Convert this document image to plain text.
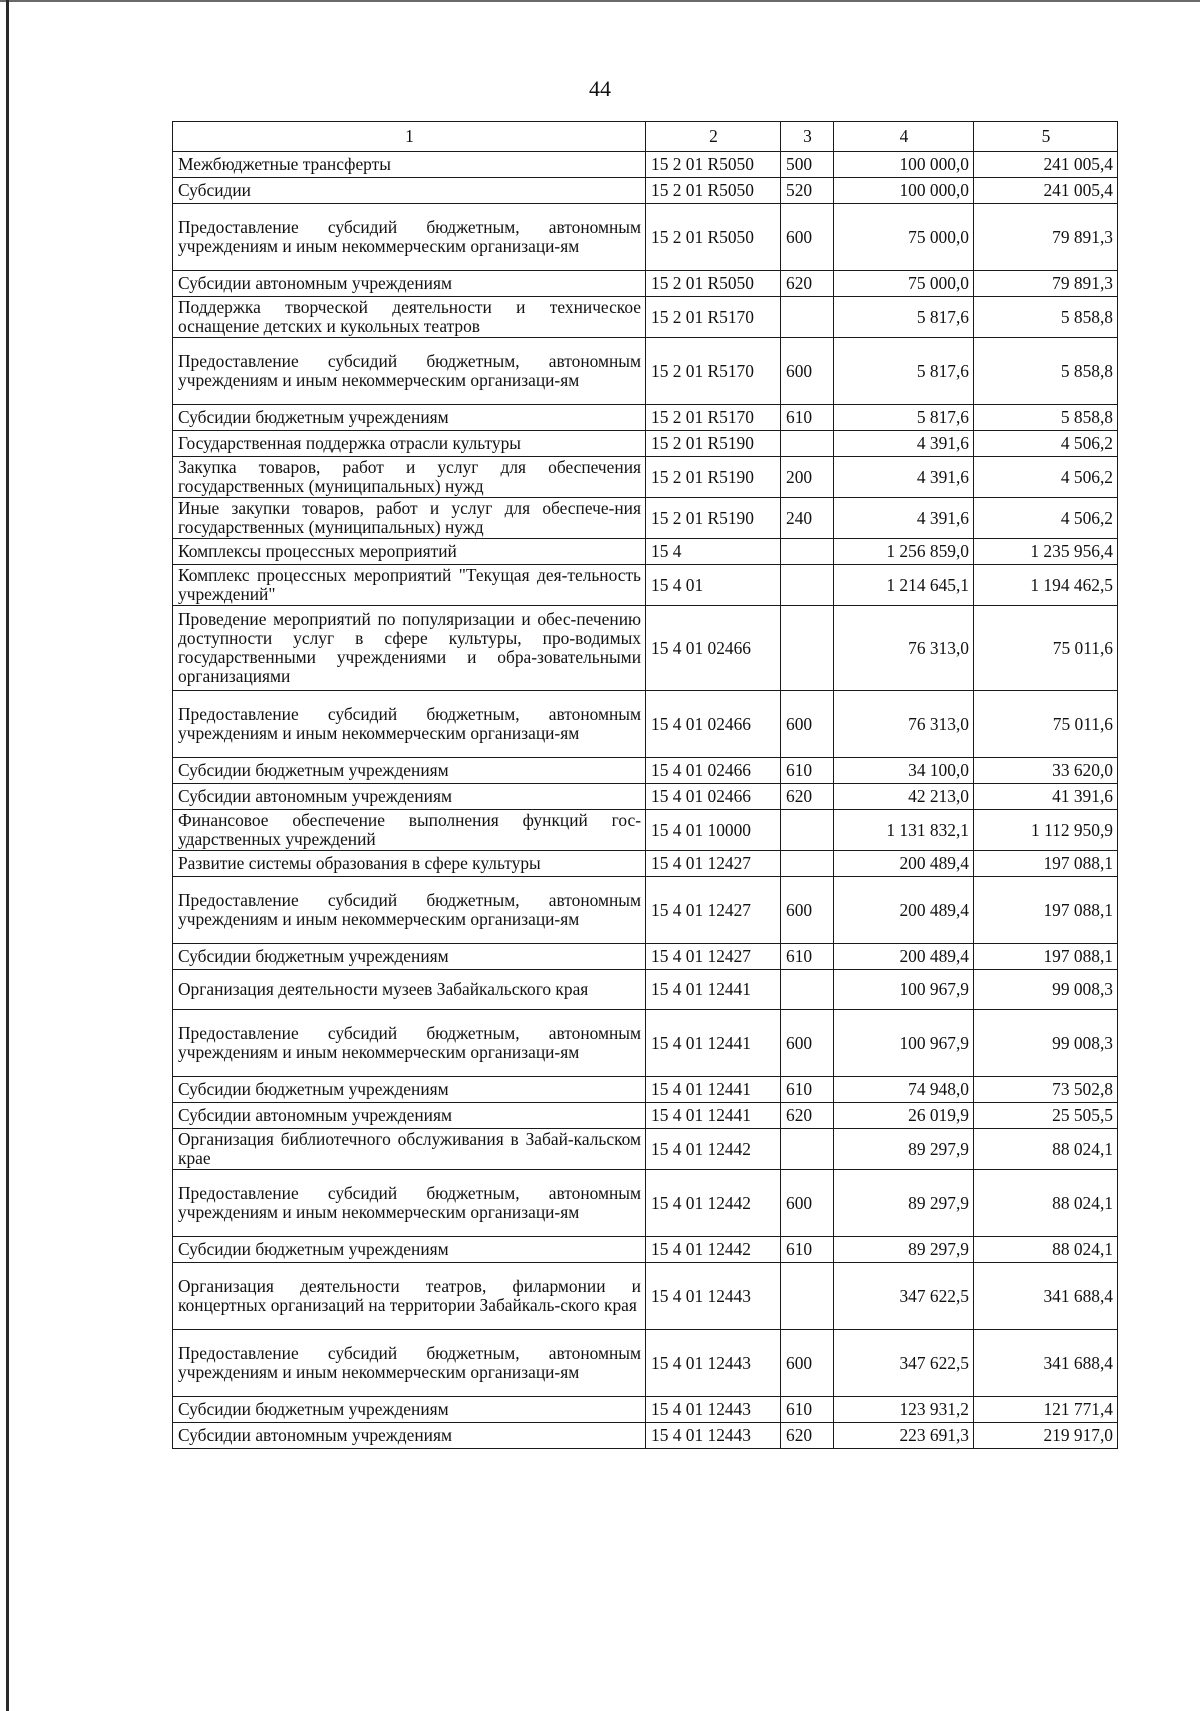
44
1	2	3	4	5
Межбюджетные трансферты	15 2 01 R5050	500	100 000,0	241 005,4
Субсидии	15 2 01 R5050	520	100 000,0	241 005,4
Предоставление субсидий бюджетным, автономным учреждениям и иным некоммерческим организаци-ям	15 2 01 R5050	600	75 000,0	79 891,3
Субсидии автономным учреждениям	15 2 01 R5050	620	75 000,0	79 891,3
Поддержка творческой деятельности и техническое оснащение детских и кукольных театров	15 2 01 R5170		5 817,6	5 858,8
Предоставление субсидий бюджетным, автономным учреждениям и иным некоммерческим организаци-ям	15 2 01 R5170	600	5 817,6	5 858,8
Субсидии бюджетным учреждениям	15 2 01 R5170	610	5 817,6	5 858,8
Государственная поддержка отрасли культуры	15 2 01 R5190		4 391,6	4 506,2
Закупка товаров, работ и услуг для обеспечения государственных (муниципальных) нужд	15 2 01 R5190	200	4 391,6	4 506,2
Иные закупки товаров, работ и услуг для обеспече-ния государственных (муниципальных) нужд	15 2 01 R5190	240	4 391,6	4 506,2
Комплексы процессных мероприятий	15 4		1 256 859,0	1 235 956,4
Комплекс процессных мероприятий "Текущая дея-тельность учреждений"	15 4 01		1 214 645,1	1 194 462,5
Проведение мероприятий по популяризации и обес-печению доступности услуг в сфере культуры, про-водимых государственными учреждениями и обра-зовательными организациями	15 4 01 02466		76 313,0	75 011,6
Предоставление субсидий бюджетным, автономным учреждениям и иным некоммерческим организаци-ям	15 4 01 02466	600	76 313,0	75 011,6
Субсидии бюджетным учреждениям	15 4 01 02466	610	34 100,0	33 620,0
Субсидии автономным учреждениям	15 4 01 02466	620	42 213,0	41 391,6
Финансовое обеспечение выполнения функций гос-ударственных учреждений	15 4 01 10000		1 131 832,1	1 112 950,9
Развитие системы образования в сфере культуры	15 4 01 12427		200 489,4	197 088,1
Предоставление субсидий бюджетным, автономным учреждениям и иным некоммерческим организаци-ям	15 4 01 12427	600	200 489,4	197 088,1
Субсидии бюджетным учреждениям	15 4 01 12427	610	200 489,4	197 088,1
Организация деятельности музеев Забайкальского края	15 4 01 12441		100 967,9	99 008,3
Предоставление субсидий бюджетным, автономным учреждениям и иным некоммерческим организаци-ям	15 4 01 12441	600	100 967,9	99 008,3
Субсидии бюджетным учреждениям	15 4 01 12441	610	74 948,0	73 502,8
Субсидии автономным учреждениям	15 4 01 12441	620	26 019,9	25 505,5
Организация библиотечного обслуживания в Забай-кальском крае	15 4 01 12442		89 297,9	88 024,1
Предоставление субсидий бюджетным, автономным учреждениям и иным некоммерческим организаци-ям	15 4 01 12442	600	89 297,9	88 024,1
Субсидии бюджетным учреждениям	15 4 01 12442	610	89 297,9	88 024,1
Организация деятельности театров, филармонии и концертных организаций на территории Забайкаль-ского края	15 4 01 12443		347 622,5	341 688,4
Предоставление субсидий бюджетным, автономным учреждениям и иным некоммерческим организаци-ям	15 4 01 12443	600	347 622,5	341 688,4
Субсидии бюджетным учреждениям	15 4 01 12443	610	123 931,2	121 771,4
Субсидии автономным учреждениям	15 4 01 12443	620	223 691,3	219 917,0
